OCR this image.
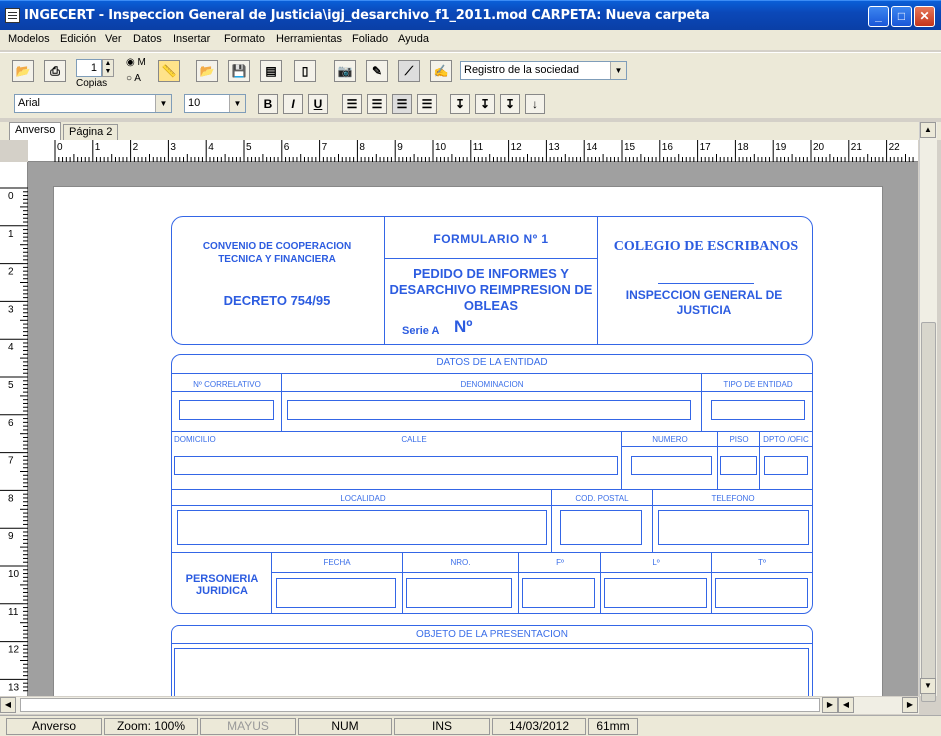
INGECERT - Inspeccion General de Justicia\igj_desarchivo_f1_2011.mod CARPETA: Nueva carpeta	_	□	✕
Modelos Edición Ver Datos Insertar Formato Herramientas Foliado Ayuda
📂	⎙	1	▲
▼
Copias
◉ M
○ A
📏 📂 💾	▤	▯	📷	✎	⟋	✍	Registro de la sociedad	▼
Arial	▼	10	▼	B	I	U	☰	☰	☰	☰	↧	↧	↧	↓
Anverso	Página 2
0	1	2	3	4	5	6	7	8	9	10	11	12	13	14	15	16	17	18	19	20	21	22
0
1
2
3
4
5
6
7
8
9
10
11
12
13
CONVENIO DE COOPERACION TECNICA Y FINANCIERA
DECRETO 754/95
FORMULARIO Nº 1
PEDIDO DE INFORMES Y DESARCHIVO REIMPRESION DE OBLEAS
Serie A Nº
COLEGIO DE ESCRIBANOS
INSPECCION GENERAL DE JUSTICIA
DATOS DE LA ENTIDAD
Nº CORRELATIVO	DENOMINACION	TIPO DE ENTIDAD
DOMICILIO	CALLE	NUMERO	PISO	DPTO /OFIC
LOCALIDAD	COD. POSTAL	TELEFONO
PERSONERIA JURIDICA
FECHA	NRO.	Fº	Lº	Tº
OBJETO DE LA PRESENTACION
▲
▼
◀	▶	◀	▶
Anverso	Zoom: 100%	MAYUS	NUM	INS	14/03/2012	61mm
